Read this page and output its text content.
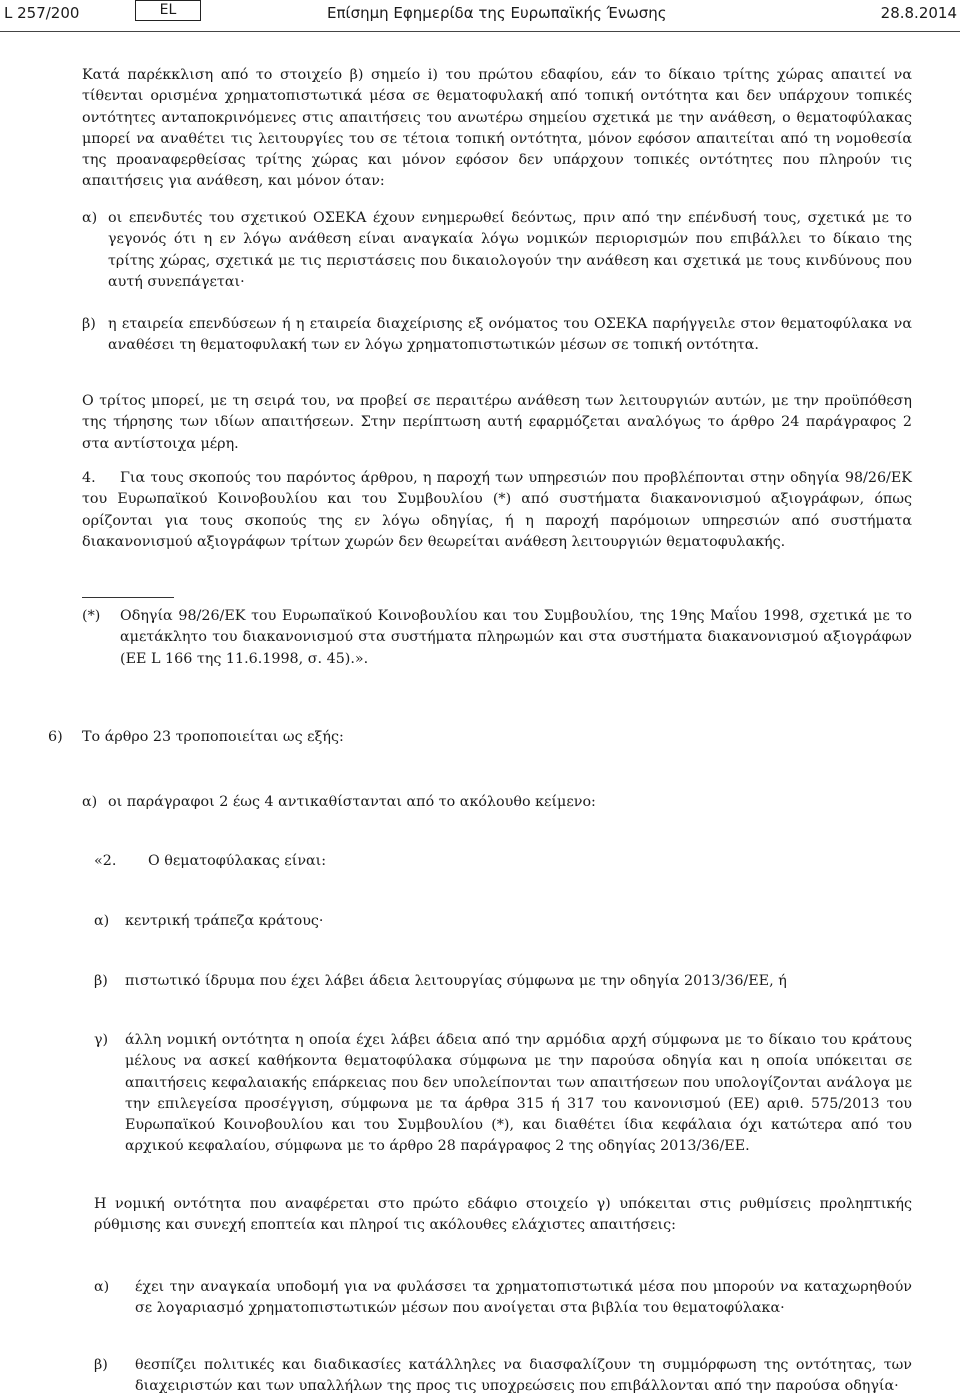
L 257/200	EL	Επίσημη Εφημερίδα της Ευρωπαϊκής Ένωσης	28.8.2014

Κατά παρέκκλιση από το στοιχείο β) σημείο i) του πρώτου εδαφίου, εάν το δίκαιο τρίτης χώρας απαιτεί να τίθενται ορισμένα χρηματοπιστωτικά μέσα σε θεματοφυλακή από τοπική οντότητα και δεν υπάρχουν τοπικές οντότητες ανταποκρινόμενες στις απαιτήσεις του ανωτέρω σημείου σχετικά με την ανάθεση, ο θεματοφύλακας μπορεί να αναθέτει τις λειτουργίες του σε τέτοια τοπική οντότητα, μόνον εφόσον απαιτείται από τη νομοθεσία της προαναφερθείσας τρίτης χώρας και μόνον εφόσον δεν υπάρχουν τοπικές οντότητες που πληρούν τις απαιτήσεις για ανάθεση, και μόνον όταν:

α) οι επενδυτές του σχετικού ΟΣΕΚΑ έχουν ενημερωθεί δεόντως, πριν από την επένδυσή τους, σχετικά με το γεγονός ότι η εν λόγω ανάθεση είναι αναγκαία λόγω νομικών περιορισμών που επιβάλλει το δίκαιο της τρίτης χώρας, σχετικά με τις περιστάσεις που δικαιολογούν την ανάθεση και σχετικά με τους κινδύνους που αυτή συνεπάγεται·

β) η εταιρεία επενδύσεων ή η εταιρεία διαχείρισης εξ ονόματος του ΟΣΕΚΑ παρήγγειλε στον θεματοφύλακα να αναθέσει τη θεματοφυλακή των εν λόγω χρηματοπιστωτικών μέσων σε τοπική οντότητα.

Ο τρίτος μπορεί, με τη σειρά του, να προβεί σε περαιτέρω ανάθεση των λειτουργιών αυτών, με την προϋπόθεση της τήρησης των ιδίων απαιτήσεων. Στην περίπτωση αυτή εφαρμόζεται αναλόγως το άρθρο 24 παράγραφος 2 στα αντίστοιχα μέρη.

4.	Για τους σκοπούς του παρόντος άρθρου, η παροχή των υπηρεσιών που προβλέπονται στην οδηγία 98/26/ΕΚ του Ευρωπαϊκού Κοινοβουλίου και του Συμβουλίου (*) από συστήματα διακανονισμού αξιογράφων, όπως ορίζονται για τους σκοπούς της εν λόγω οδηγίας, ή η παροχή παρόμοιων υπηρεσιών από συστήματα διακανονισμού αξιογράφων τρίτων χωρών δεν θεωρείται ανάθεση λειτουργιών θεματοφυλακής.

(*) Οδηγία 98/26/ΕΚ του Ευρωπαϊκού Κοινοβουλίου και του Συμβουλίου, της 19ης Μαΐου 1998, σχετικά με το αμετάκλητο του διακανονισμού στα συστήματα πληρωμών και στα συστήματα διακανονισμού αξιογράφων (ΕΕ L 166 της 11.6.1998, σ. 45).».

6) Το άρθρο 23 τροποποιείται ως εξής:
α) οι παράγραφοι 2 έως 4 αντικαθίστανται από το ακόλουθο κείμενο:
«2. Ο θεματοφύλακας είναι:
α) κεντρική τράπεζα κράτους·
β) πιστωτικό ίδρυμα που έχει λάβει άδεια λειτουργίας σύμφωνα με την οδηγία 2013/36/ΕΕ, ή
γ) άλλη νομική οντότητα η οποία έχει λάβει άδεια από την αρμόδια αρχή σύμφωνα με το δίκαιο του κράτους μέλους να ασκεί καθήκοντα θεματοφύλακα σύμφωνα με την παρούσα οδηγία και η οποία υπόκειται σε απαιτήσεις κεφαλαιακής επάρκειας που δεν υπολείπονται των απαιτήσεων που υπολογίζονται ανάλογα με την επιλεγείσα προσέγγιση, σύμφωνα με τα άρθρα 315 ή 317 του κανονισμού (ΕΕ) αριθ. 575/2013 του Ευρωπαϊκού Κοινοβουλίου και του Συμβουλίου (*), και διαθέτει ίδια κεφάλαια όχι κατώτερα από του αρχικού κεφαλαίου, σύμφωνα με το άρθρο 28 παράγραφος 2 της οδηγίας 2013/36/ΕΕ.

Η νομική οντότητα που αναφέρεται στο πρώτο εδάφιο στοιχείο γ) υπόκειται στις ρυθμίσεις προληπτικής ρύθμισης και συνεχή εποπτεία και πληροί τις ακόλουθες ελάχιστες απαιτήσεις:

α) έχει την αναγκαία υποδομή για να φυλάσσει τα χρηματοπιστωτικά μέσα που μπορούν να καταχωρηθούν σε λογαριασμό χρηματοπιστωτικών μέσων που ανοίγεται στα βιβλία του θεματοφύλακα·

β) θεσπίζει πολιτικές και διαδικασίες κατάλληλες να διασφαλίζουν τη συμμόρφωση της οντότητας, των διαχειριστών και των υπαλλήλων της προς τις υποχρεώσεις που επιβάλλονται από την παρούσα οδηγία·
